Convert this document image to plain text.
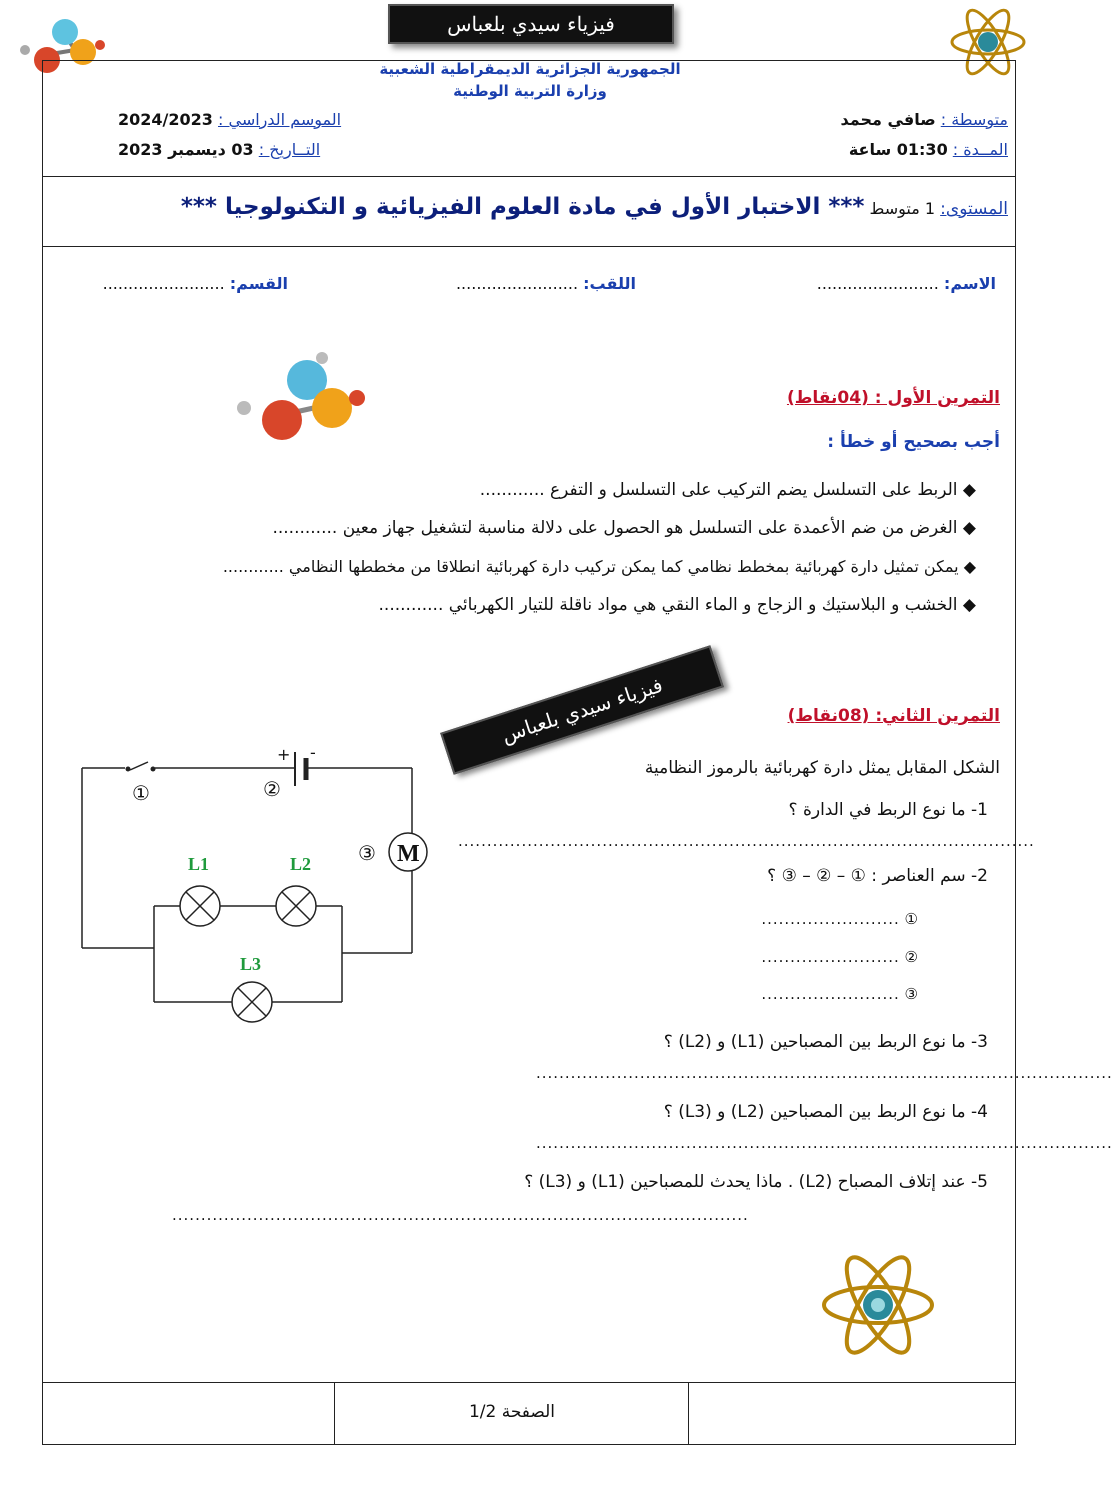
فيزياء سيدي بلعباس
الجمهورية الجزائرية الديمقراطية الشعبية
وزارة التربية الوطنية
متوسطة : صافي محمد
المــدة : 01:30 ساعة
الموسم الدراسي : 2024/2023
التــاريخ : 03 ديسمبر 2023
المستوى: 1 متوسط *** الاختبار الأول في مادة العلوم الفيزيائية و التكنولوجيا ***
الاسم: ........................
اللقب: ........................
القسم: ........................
التمرين الأول : (04نقاط)
أجب بصحيح أو خطأ :
◆ الربط على التسلسل يضم التركيب على التسلسل و التفرع ............
◆ الغرض من ضم الأعمدة على التسلسل هو الحصول على دلالة مناسبة لتشغيل جهاز معين ............
◆ يمكن تمثيل دارة كهربائية بمخطط نظامي كما يمكن تركيب دارة كهربائية انطلاقا من مخططها النظامي ............
◆ الخشب و البلاستيك و الزجاج و الماء النقي هي مواد ناقلة للتيار الكهربائي ............
فيزياء سيدي بلعباس	التمرين الثاني: (08نقاط)
الشكل المقابل يمثل دارة كهربائية بالرموز النظامية
1- ما نوع الربط في الدارة ؟
....................................................................................................
2- سم العناصر : ① – ② – ③ ؟
① ........................
② ........................
③ ........................
3- ما نوع الربط بين المصباحين (L1) و (L2) ؟
....................................................................................................
4- ما نوع الربط بين المصباحين (L2) و (L3) ؟
....................................................................................................
5- عند إتلاف المصباح (L2) . ماذا يحدث للمصباحين (L1) و (L3) ؟
....................................................................................................
+ -
①	②
③ M
L1	L2
L3
الصفحة 1/2
